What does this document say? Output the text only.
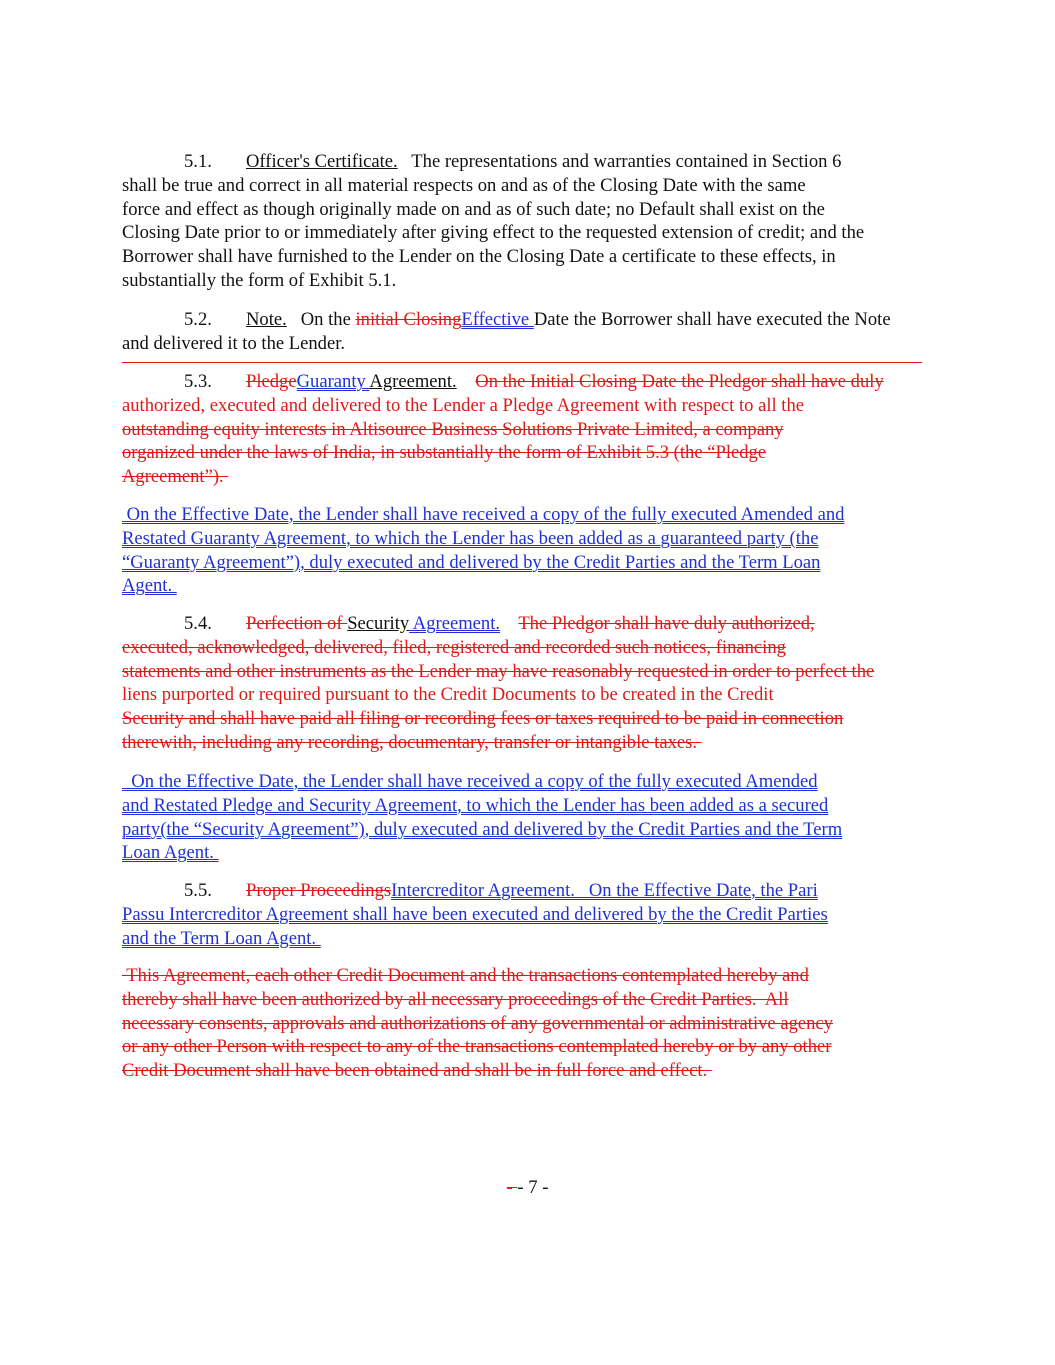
5.1. Officer's Certificate.   The representations and warranties contained in Section 6
shall be true and correct in all material respects on and as of the Closing Date with the same
force and effect as though originally made on and as of such date; no Default shall exist on the
Closing Date prior to or immediately after giving effect to the requested extension of credit; and the
Borrower shall have furnished to the Lender on the Closing Date a certificate to these effects, in
substantially the form of Exhibit 5.1.
5.2. Note.   On the initial ClosingEffective Date the Borrower shall have executed the Note
and delivered it to the Lender.
5.3. PledgeGuaranty Agreement. On the Initial Closing Date the Pledgor shall have duly
authorized, executed and delivered to the Lender a Pledge Agreement with respect to all the
outstanding equity interests in Altisource Business Solutions Private Limited, a company
organized under the laws of India, in substantially the form of Exhibit 5.3 (the “Pledge
Agreement”).
On the Effective Date, the Lender shall have received a copy of the fully executed Amended and
Restated Guaranty Agreement, to which the Lender has been added as a guaranteed party (the
“Guaranty Agreement”), duly executed and delivered by the Credit Parties and the Term Loan
Agent.
5.4. Perfection of Security Agreement. The Pledgor shall have duly authorized,
executed, acknowledged, delivered, filed, registered and recorded such notices, financing
statements and other instruments as the Lender may have reasonably requested in order to perfect the
liens purported or required pursuant to the Credit Documents to be created in the Credit
Security and shall have paid all filing or recording fees or taxes required to be paid in connection
therewith, including any recording, documentary, transfer or intangible taxes.
On the Effective Date, the Lender shall have received a copy of the fully executed Amended
and Restated Pledge and Security Agreement, to which the Lender has been added as a secured
party(the “Security Agreement”), duly executed and delivered by the Credit Parties and the Term
Loan Agent.
5.5. Proper ProceedingsIntercreditor Agreement.   On the Effective Date, the Pari
Passu Intercreditor Agreement shall have been executed and delivered by the the Credit Parties
and the Term Loan Agent.
This Agreement, each other Credit Document and the transactions contemplated hereby and
thereby shall have been authorized by all necessary proceedings of the Credit Parties.  All
necessary consents, approvals and authorizations of any governmental or administrative agency
or any other Person with respect to any of the transactions contemplated hereby or by any other
Credit Document shall have been obtained and shall be in full force and effect.
- - 7 -
